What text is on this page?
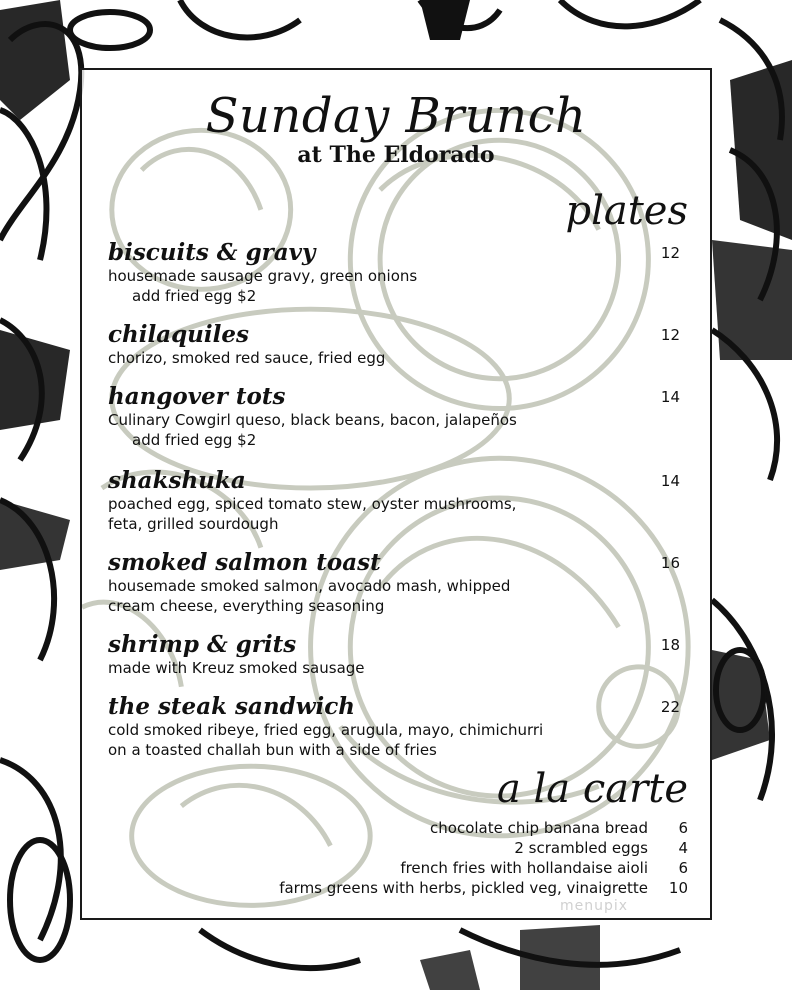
Sunday Brunch
at The Eldorado
plates
biscuits & gravy	12
housemade sausage gravy, green onions
add fried egg $2
chilaquiles	12
chorizo, smoked red sauce, fried egg
hangover tots	14
Culinary Cowgirl queso, black beans, bacon, jalapeños
add fried egg $2
shakshuka	14
poached egg, spiced tomato stew, oyster mushrooms,
feta, grilled sourdough
smoked salmon toast	16
housemade smoked salmon, avocado mash, whipped
cream cheese, everything seasoning
shrimp & grits	18
made with Kreuz smoked sausage
the steak sandwich	22
cold smoked ribeye, fried egg, arugula, mayo, chimichurri
on a toasted challah bun with a side of fries
a la carte
chocolate chip banana bread	6
2 scrambled eggs	4
french fries with hollandaise aioli	6
farms greens with herbs, pickled veg, vinaigrette	10
menupix
